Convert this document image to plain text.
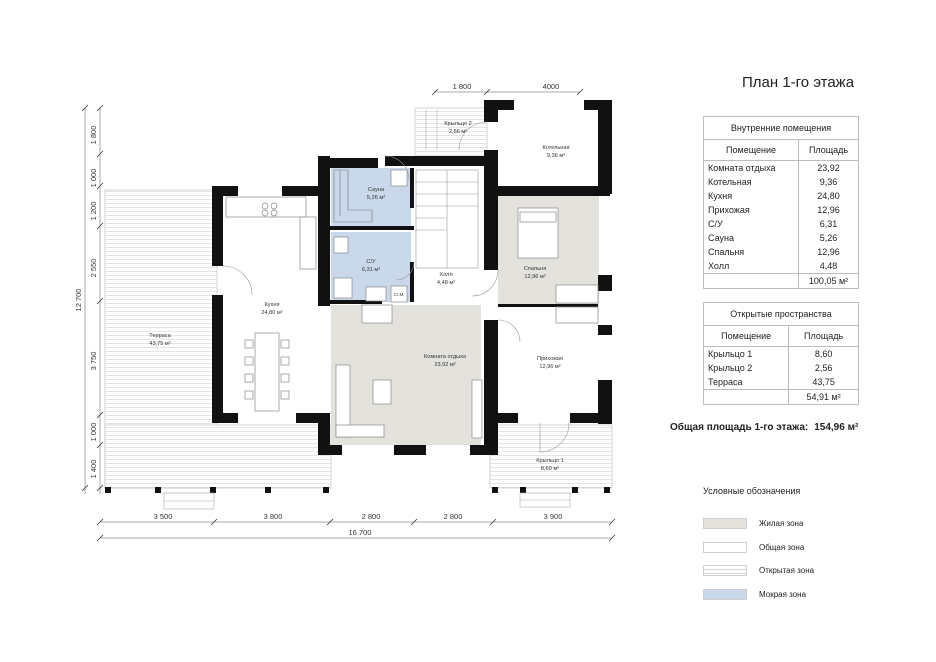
1 800	4000
1 800
1 000
1 200
2 550
3 750
1 000
1 400
12 700
3 500	3 800	2 800	2 800	3 900
16 700
Терраса
43,75 м²
Кухня
24,80 м²
Сауна
5,26 м²
С/У
6,31 м²
Холл
4,48 м²
Котельная
9,36 м²
Спальня
12,96 м²
Комната отдыха
23,92 м²
Прихожая
12,96 м²
Крыльцо 1
8,60 м²
Крыльцо 2
2,56 м²
Ст.М.
План 1-го этажа
Внутренние помещения	
Помещение	Площадь
Комната отдыха	23,92
Котельная	9,36
Кухня	24,80
Прихожая	12,96
С/У	6,31
Сауна	5,26
Спальня	12,96
Холл	4,48
	100,05 м²
Открытые пространства	
Помещение	Площадь
Крыльцо 1	8,60
Крыльцо 2	2,56
Терраса	43,75
	54,91 м²
Общая площадь 1-го этажа: 154,96 м²
Условные обозначения
Жилая зона
Общая зона
Открытая зона
Мокрая зона
